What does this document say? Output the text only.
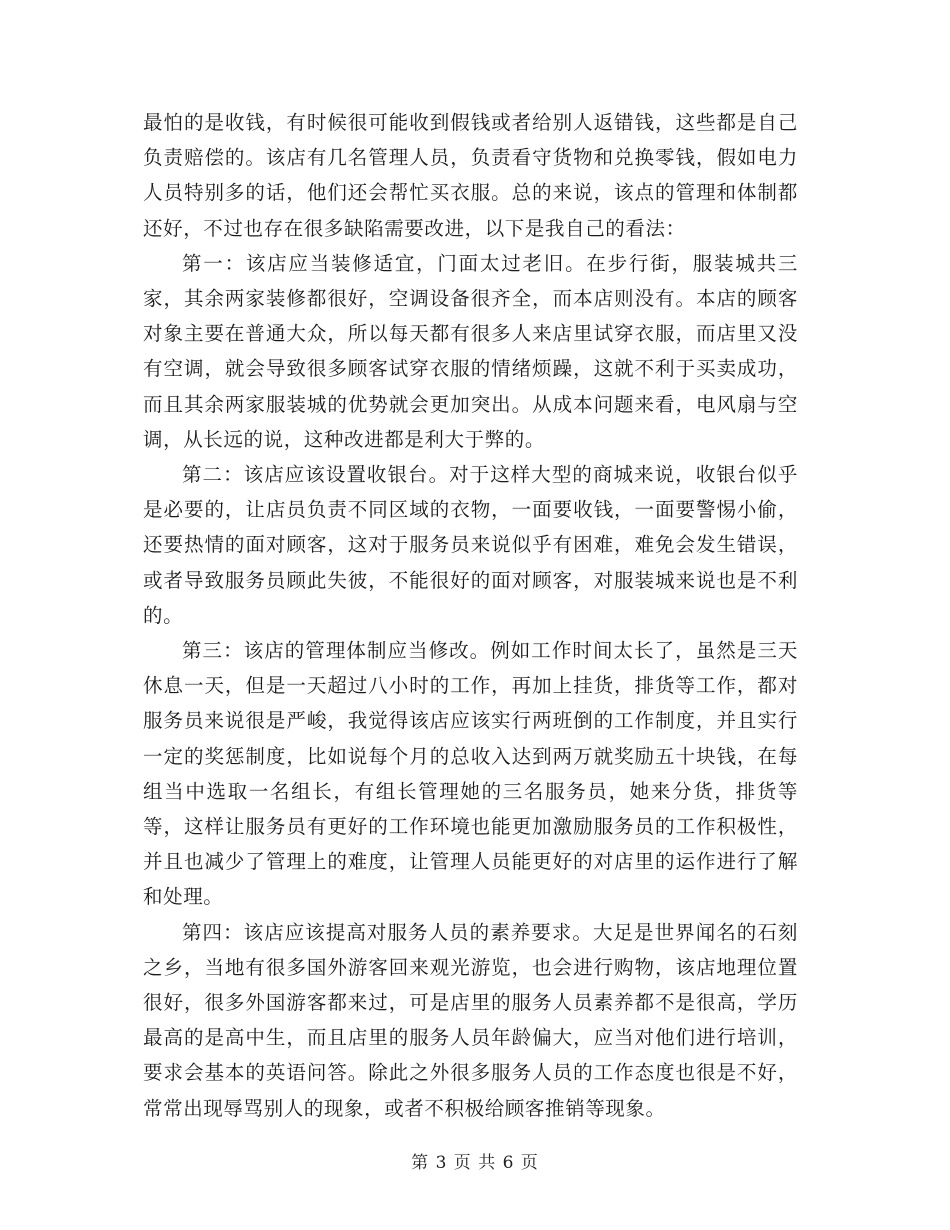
最怕的是收钱，有时候很可能收到假钱或者给别人返错钱，这些都是自己负责赔偿的。该店有几名管理人员，负责看守货物和兑换零钱，假如电力人员特别多的话，他们还会帮忙买衣服。总的来说，该点的管理和体制都还好，不过也存在很多缺陷需要改进，以下是我自己的看法：

第一：该店应当装修适宜，门面太过老旧。在步行街，服装城共三家，其余两家装修都很好，空调设备很齐全，而本店则没有。本店的顾客对象主要在普通大众，所以每天都有很多人来店里试穿衣服，而店里又没有空调，就会导致很多顾客试穿衣服的情绪烦躁，这就不利于买卖成功，而且其余两家服装城的优势就会更加突出。从成本问题来看，电风扇与空调，从长远的说，这种改进都是利大于弊的。

第二：该店应该设置收银台。对于这样大型的商城来说，收银台似乎是必要的，让店员负责不同区域的衣物，一面要收钱，一面要警惕小偷，还要热情的面对顾客，这对于服务员来说似乎有困难，难免会发生错误，或者导致服务员顾此失彼，不能很好的面对顾客，对服装城来说也是不利的。

第三：该店的管理体制应当修改。例如工作时间太长了，虽然是三天休息一天，但是一天超过八小时的工作，再加上挂货，排货等工作，都对服务员来说很是严峻，我觉得该店应该实行两班倒的工作制度，并且实行一定的奖惩制度，比如说每个月的总收入达到两万就奖励五十块钱，在每组当中选取一名组长，有组长管理她的三名服务员，她来分货，排货等等，这样让服务员有更好的工作环境也能更加激励服务员的工作积极性，并且也减少了管理上的难度，让管理人员能更好的对店里的运作进行了解和处理。

第四：该店应该提高对服务人员的素养要求。大足是世界闻名的石刻之乡，当地有很多国外游客回来观光游览，也会进行购物，该店地理位置很好，很多外国游客都来过，可是店里的服务人员素养都不是很高，学历最高的是高中生，而且店里的服务人员年龄偏大，应当对他们进行培训，要求会基本的英语问答。除此之外很多服务人员的工作态度也很是不好，常常出现辱骂别人的现象，或者不积极给顾客推销等现象。

第 3 页 共 6 页
